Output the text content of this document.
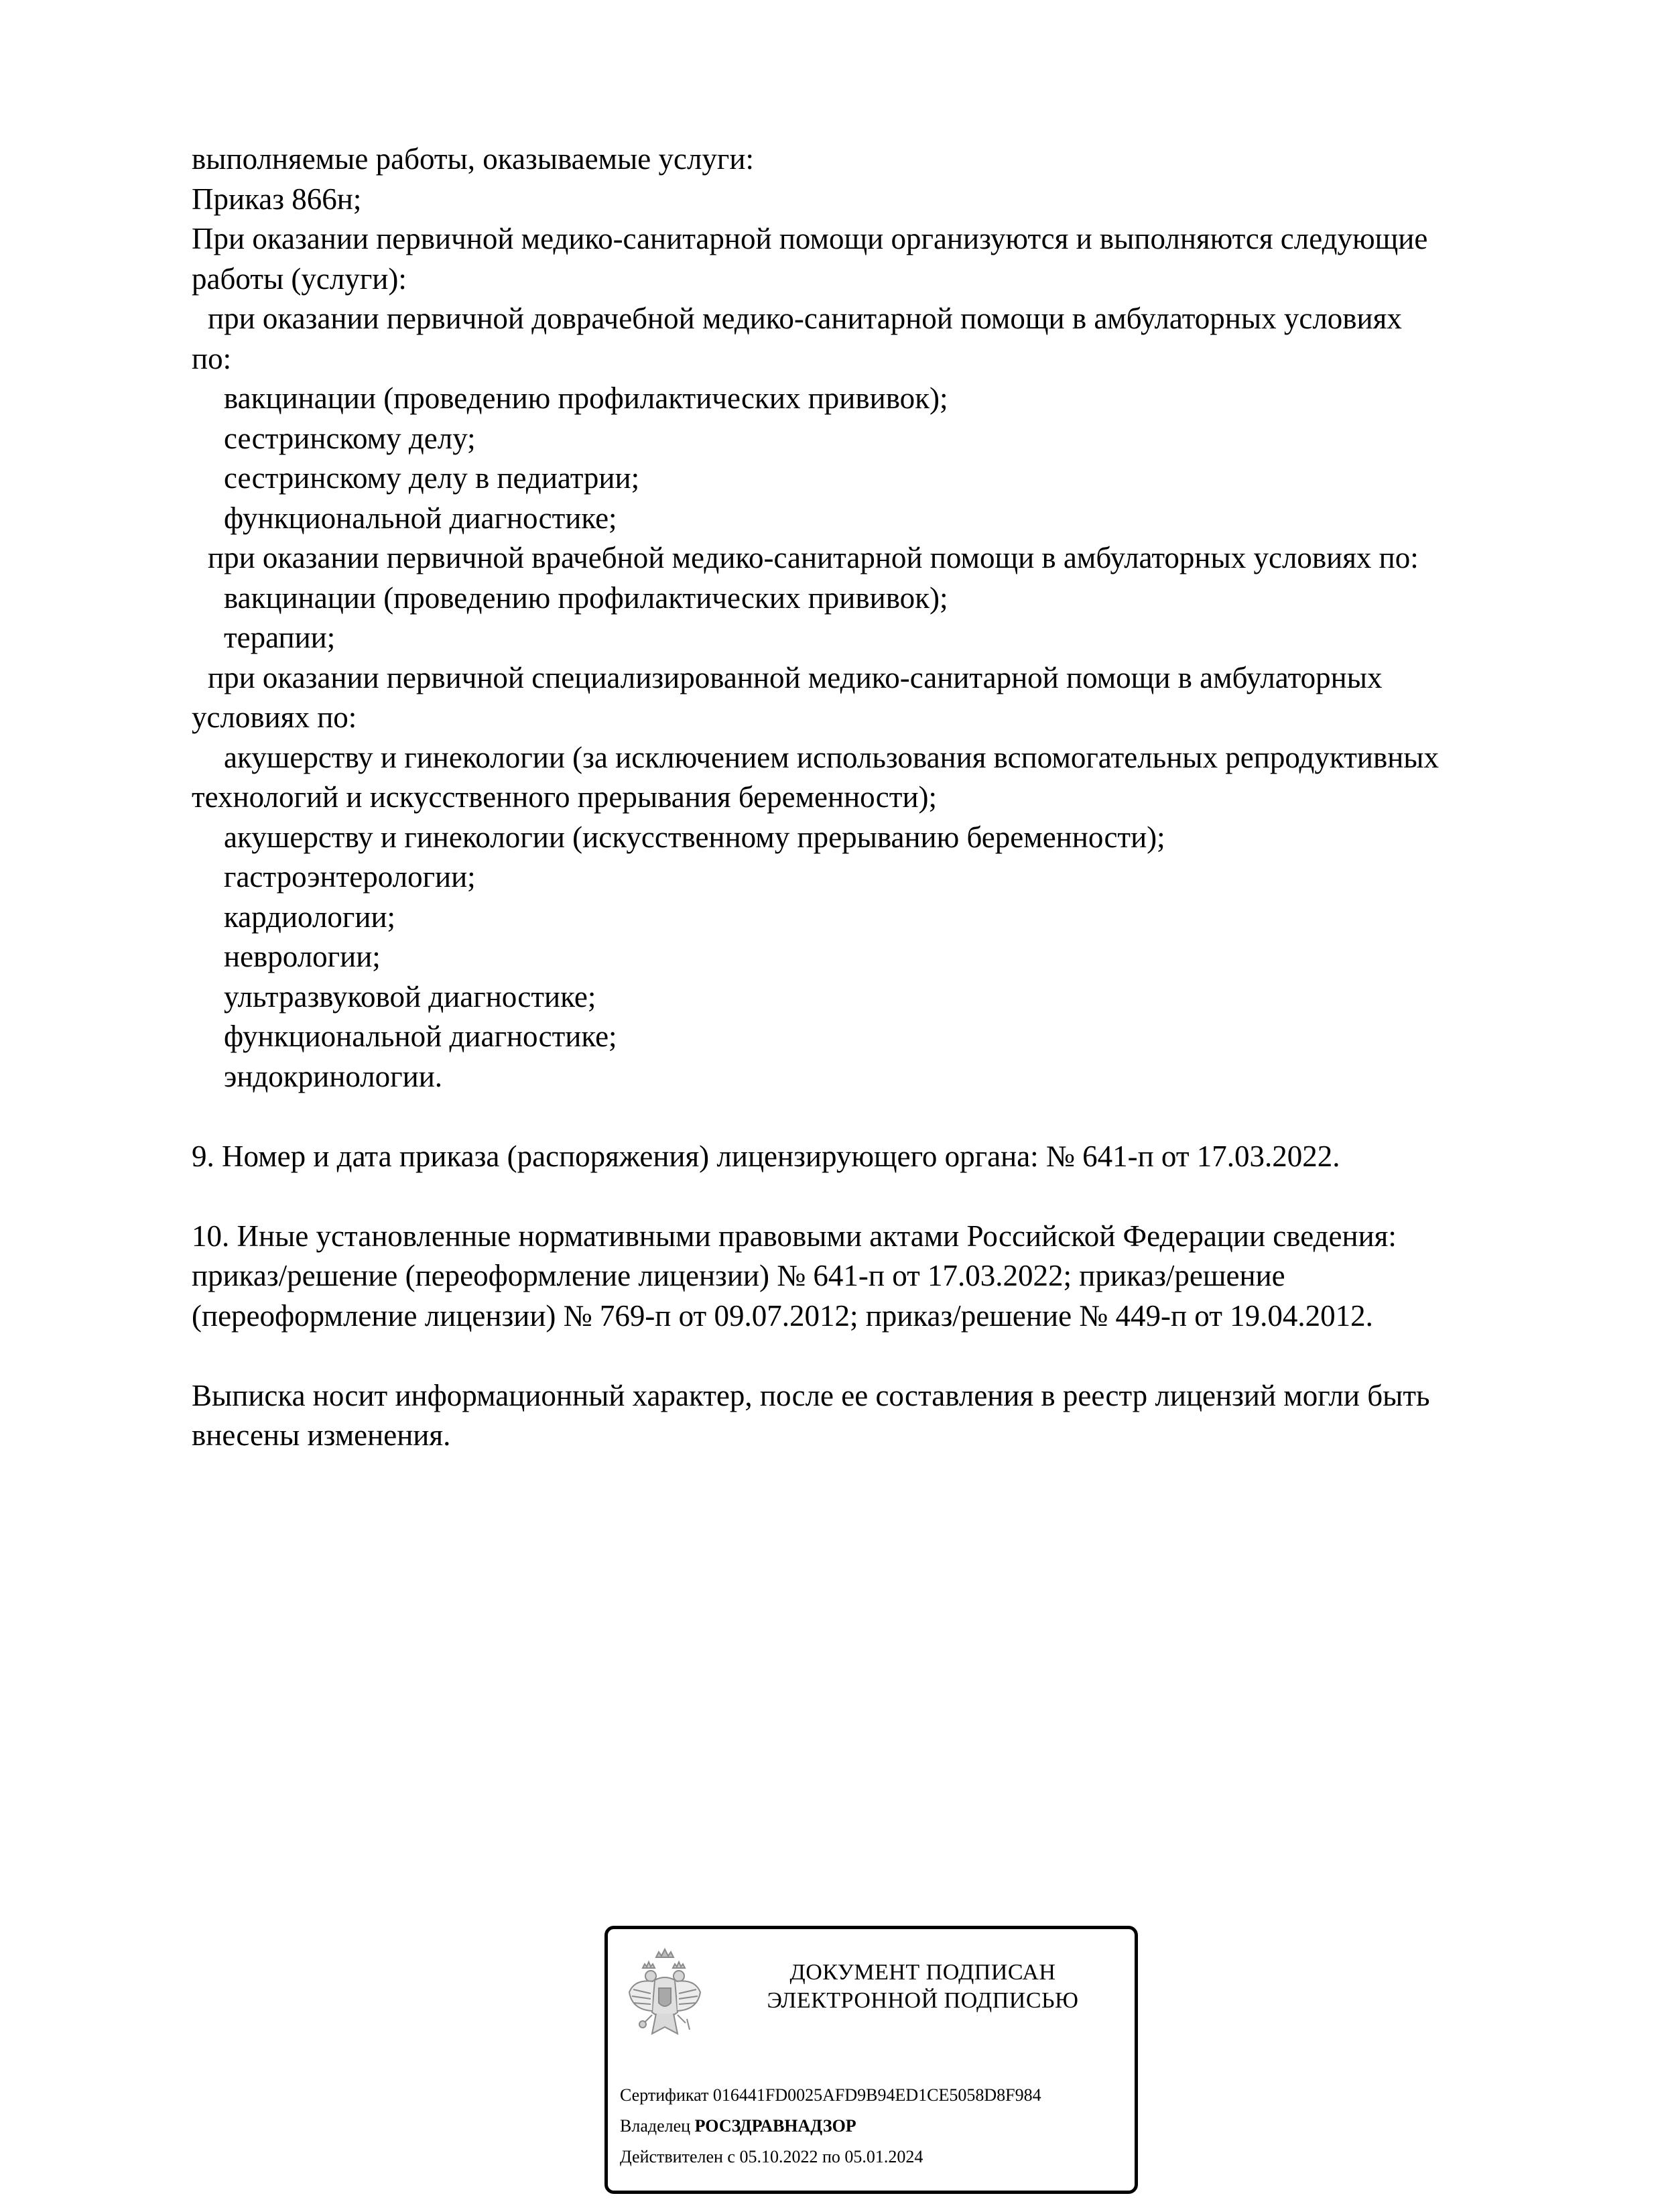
выполняемые работы, оказываемые услуги:
Приказ 866н;
При оказании первичной медико-санитарной помощи организуются и выполняются следующие
работы (услуги):
при оказании первичной доврачебной медико-санитарной помощи в амбулаторных условиях
по:
вакцинации (проведению профилактических прививок);
сестринскому делу;
сестринскому делу в педиатрии;
функциональной диагностике;
при оказании первичной врачебной медико-санитарной помощи в амбулаторных условиях по:
вакцинации (проведению профилактических прививок);
терапии;
при оказании первичной специализированной медико-санитарной помощи в амбулаторных
условиях по:
акушерству и гинекологии (за исключением использования вспомогательных репродуктивных
технологий и искусственного прерывания беременности);
акушерству и гинекологии (искусственному прерыванию беременности);
гастроэнтерологии;
кардиологии;
неврологии;
ультразвуковой диагностике;
функциональной диагностике;
эндокринологии.
9. Номер и дата приказа (распоряжения) лицензирующего органа: № 641-п от 17.03.2022.
10. Иные установленные нормативными правовыми актами Российской Федерации сведения:
приказ/решение (переоформление лицензии) № 641-п от 17.03.2022; приказ/решение
(переоформление лицензии) № 769-п от 09.07.2012; приказ/решение № 449-п от 19.04.2012.
Выписка носит информационный характер, после ее составления в реестр лицензий могли быть
внесены изменения.
ДОКУМЕНТ ПОДПИСАН
ЭЛЕКТРОННОЙ ПОДПИСЬЮ
Сертификат 016441FD0025AFD9B94ED1CE5058D8F984
Владелец РОСЗДРАВНАДЗОР
Действителен с 05.10.2022 по 05.01.2024
